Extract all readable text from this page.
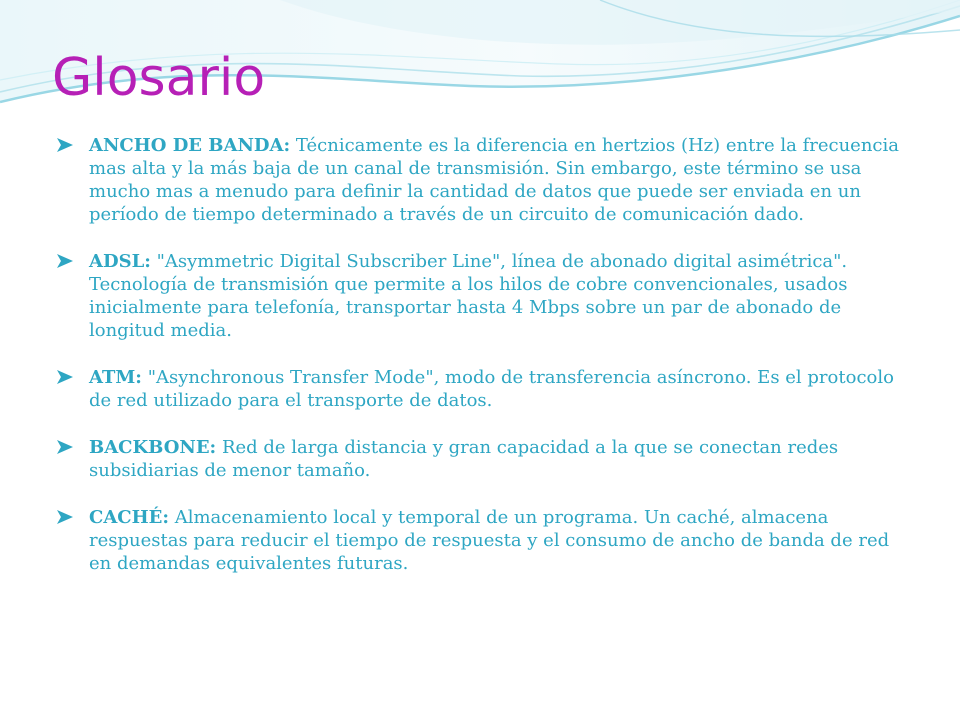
Glosario

ANCHO DE BANDA: Técnicamente es la diferencia en hertzios (Hz) entre la frecuencia mas alta y la más baja de un canal de transmisión. Sin embargo, este término se usa mucho mas a menudo para definir la cantidad de datos que puede ser enviada en un período de tiempo determinado a través de un circuito de comunicación dado.

ADSL: "Asymmetric Digital Subscriber Line", línea de abonado digital asimétrica". Tecnología de transmisión que permite a los hilos de cobre convencionales, usados inicialmente para telefonía, transportar hasta 4 Mbps sobre un par de abonado de longitud media.

ATM: "Asynchronous Transfer Mode", modo de transferencia asíncrono. Es el protocolo de red utilizado para el transporte de datos.

BACKBONE: Red de larga distancia y gran capacidad a la que se conectan redes subsidiarias de menor tamaño.

CACHÉ: Almacenamiento local y temporal de un programa. Un caché, almacena respuestas para reducir el tiempo de respuesta y el consumo de ancho de banda de red en demandas equivalentes futuras.
